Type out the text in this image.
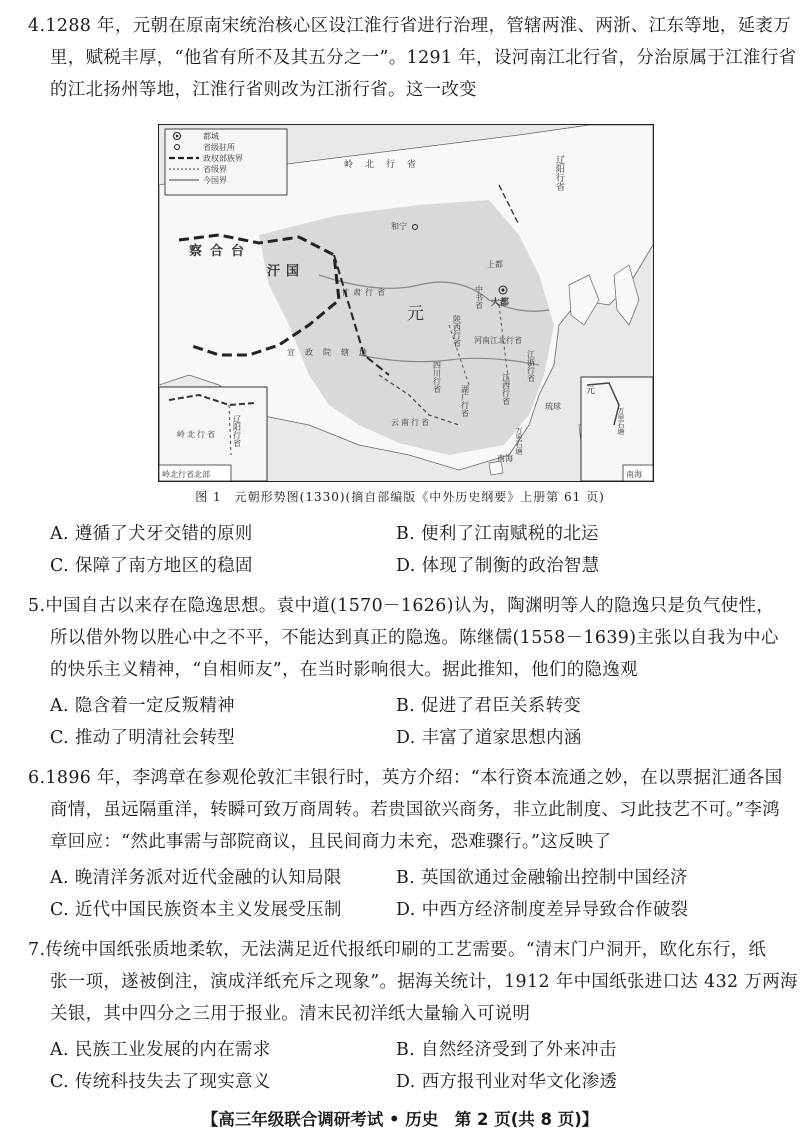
4.1288 年，元朝在原南宋统治核心区设江淮行省进行治理，管辖两淮、两浙、江东等地，延袤万
里，赋税丰厚，“他省有所不及其五分之一”。1291 年，设河南江北行省，分治原属于江淮行省
的江北扬州等地，江淮行省则改为江浙行省。这一改变
都城
省级驻所
政权部族界
省级界
今国界
岭北行省	辽阳行省
察合台
汗国
和宁
上都
大都
中书省
甘肃行省
元
陕西行省 河南江北行省
宣政院辖地
四川行省
湖广行省	江西行省
江浙行省
云南行省
琉球
万里石塘
南海
辽阳行省
岭北行省
岭北行省北部
元
万里石塘
南海
图 1　元朝形势图(1330)(摘自部编版《中外历史纲要》上册第 61 页)
A. 遵循了犬牙交错的原则	B. 便利了江南赋税的北运
C. 保障了南方地区的稳固	D. 体现了制衡的政治智慧
5.中国自古以来存在隐逸思想。袁中道(1570－1626)认为，陶渊明等人的隐逸只是负气使性，
所以借外物以胜心中之不平，不能达到真正的隐逸。陈继儒(1558－1639)主张以自我为中心
的快乐主义精神，“自相师友”，在当时影响很大。据此推知，他们的隐逸观
A. 隐含着一定反叛精神	B. 促进了君臣关系转变
C. 推动了明清社会转型	D. 丰富了道家思想内涵
6.1896 年，李鸿章在参观伦敦汇丰银行时，英方介绍：“本行资本流通之妙，在以票据汇通各国
商情，虽远隔重洋，转瞬可致万商周转。若贵国欲兴商务，非立此制度、习此技艺不可。”李鸿
章回应：“然此事需与部院商议，且民间商力未充，恐难骤行。”这反映了
A. 晚清洋务派对近代金融的认知局限	B. 英国欲通过金融输出控制中国经济
C. 近代中国民族资本主义发展受压制	D. 中西方经济制度差异导致合作破裂
7.传统中国纸张质地柔软，无法满足近代报纸印刷的工艺需要。“清末门户洞开，欧化东行，纸
张一项，遂被倒注，演成洋纸充斥之现象”。据海关统计，1912 年中国纸张进口达 432 万两海
关银，其中四分之三用于报业。清末民初洋纸大量输入可说明
A. 民族工业发展的内在需求	B. 自然经济受到了外来冲击
C. 传统科技失去了现实意义	D. 西方报刊业对华文化渗透
【高三年级联合调研考试 • 历史　第 2 页(共 8 页)】
